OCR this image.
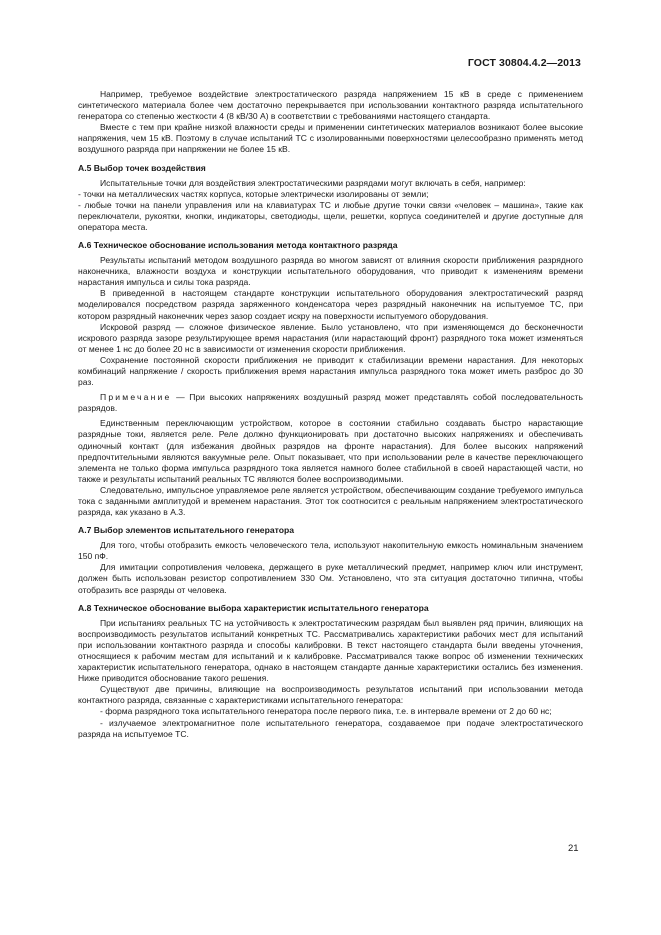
ГОСТ 30804.4.2—2013

Например, требуемое воздействие электростатического разряда напряжением 15 кВ в среде с применением синтетического материала более чем достаточно перекрывается при использовании контактного разряда испытательного генератора со степенью жесткости 4 (8 кВ/30 А) в соответствии с требованиями настоящего стандарта.

Вместе с тем при крайне низкой влажности среды и применении синтетических материалов возникают более высокие напряжения, чем 15 кВ. Поэтому в случае испытаний ТС с изолированными поверхностями целесообразно применять метод воздушного разряда при напряжении не более 15 кВ.

А.5 Выбор точек воздействия

Испытательные точки для воздействия электростатическими разрядами могут включать в себя, например:

- точки на металлических частях корпуса, которые электрически изолированы от земли;

- любые точки на панели управления или на клавиатурах ТС и любые другие точки связи «человек – машина», такие как переключатели, рукоятки, кнопки, индикаторы, светодиоды, щели, решетки, корпуса соединителей и другие доступные для оператора места.

А.6 Техническое обоснование использования метода контактного разряда

Результаты испытаний методом воздушного разряда во многом зависят от влияния скорости приближения разрядного наконечника, влажности воздуха и конструкции испытательного оборудования, что приводит к изменениям времени нарастания импульса и силы тока разряда.

В приведенной в настоящем стандарте конструкции испытательного оборудования электростатический разряд моделировался посредством разряда заряженного конденсатора через разрядный наконечник на испытуемое ТС, при котором разрядный наконечник через зазор создает искру на поверхности испытуемого оборудования.

Искровой разряд — сложное физическое явление. Было установлено, что при изменяющемся до бесконечности искрового разряда зазоре результирующее время нарастания (или нарастающий фронт) разрядного тока может изменяться от менее 1 нс до более 20 нс в зависимости от изменения скорости приближения.

Сохранение постоянной скорости приближения не приводит к стабилизации времени нарастания. Для некоторых комбинаций напряжение / скорость приближения время нарастания импульса разрядного тока может иметь разброс до 30 раз.

Примечание — При высоких напряжениях воздушный разряд может представлять собой последовательность разрядов.

Единственным переключающим устройством, которое в состоянии стабильно создавать быстро нарастающие разрядные токи, является реле. Реле должно функционировать при достаточно высоких напряжениях и обеспечивать одиночный контакт (для избежания двойных разрядов на фронте нарастания). Для более высоких напряжений предпочтительными являются вакуумные реле. Опыт показывает, что при использовании реле в качестве переключающего элемента не только форма импульса разрядного тока является намного более стабильной в своей нарастающей части, но также и результаты испытаний реальных ТС являются более воспроизводимыми.

Следовательно, импульсное управляемое реле является устройством, обеспечивающим создание требуемого импульса тока с заданными амплитудой и временем нарастания. Этот ток соотносится с реальным напряжением электростатического разряда, как указано в А.3.

А.7 Выбор элементов испытательного генератора

Для того, чтобы отобразить емкость человеческого тела, используют накопительную емкость номинальным значением 150 пФ.

Для имитации сопротивления человека, держащего в руке металлический предмет, например ключ или инструмент, должен быть использован резистор сопротивлением 330 Ом. Установлено, что эта ситуация достаточно типична, чтобы отобразить все разряды от человека.

А.8 Техническое обоснование выбора характеристик испытательного генератора

При испытаниях реальных ТС на устойчивость к электростатическим разрядам был выявлен ряд причин, влияющих на воспроизводимость результатов испытаний конкретных ТС. Рассматривались характеристики рабочих мест для испытаний при использовании контактного разряда и способы калибровки. В текст настоящего стандарта были введены уточнения, относящиеся к рабочим местам для испытаний и к калибровке. Рассматривался также вопрос об изменении технических характеристик испытательного генератора, однако в настоящем стандарте данные характеристики остались без изменения. Ниже приводится обоснование такого решения.

Существуют две причины, влияющие на воспроизводимость результатов испытаний при использовании метода контактного разряда, связанные с характеристиками испытательного генератора:

- форма разрядного тока испытательного генератора после первого пика, т.е. в интервале времени от 2 до 60 нс;

- излучаемое электромагнитное поле испытательного генератора, создаваемое при подаче электростатического разряда на испытуемое ТС.

21
